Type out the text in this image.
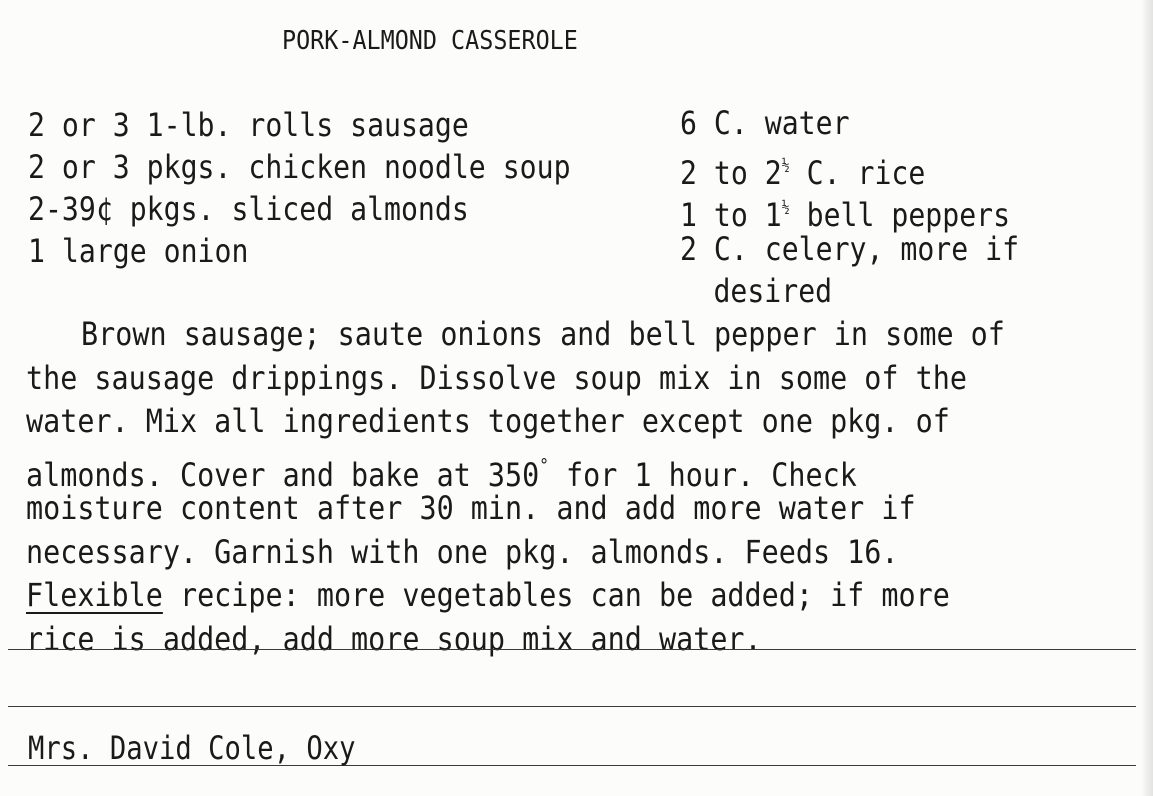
PORK-ALMOND CASSEROLE
2 or 3 1-lb. rolls sausage
2 or 3 pkgs. chicken noodle soup
2-39¢ pkgs. sliced almonds
1 large onion
6 C. water
2 to $2^{\frac{1}{2}}$ C. rice
1 to $1^{\frac{1}{2}}$ bell peppers
2 C. celery, more if
desired
Brown sausage; saute onions and bell pepper in some of
the sausage drippings. Dissolve soup mix in some of the
water. Mix all ingredients together except one pkg. of
almonds. Cover and bake at 350° for 1 hour. Check
moisture content after 30 min. and add more water if
necessary. Garnish with one pkg. almonds. Feeds 16.
Flexible recipe: more vegetables can be added; if more
rice is added, add more soup mix and water.
Mrs. David Cole, Oxy
